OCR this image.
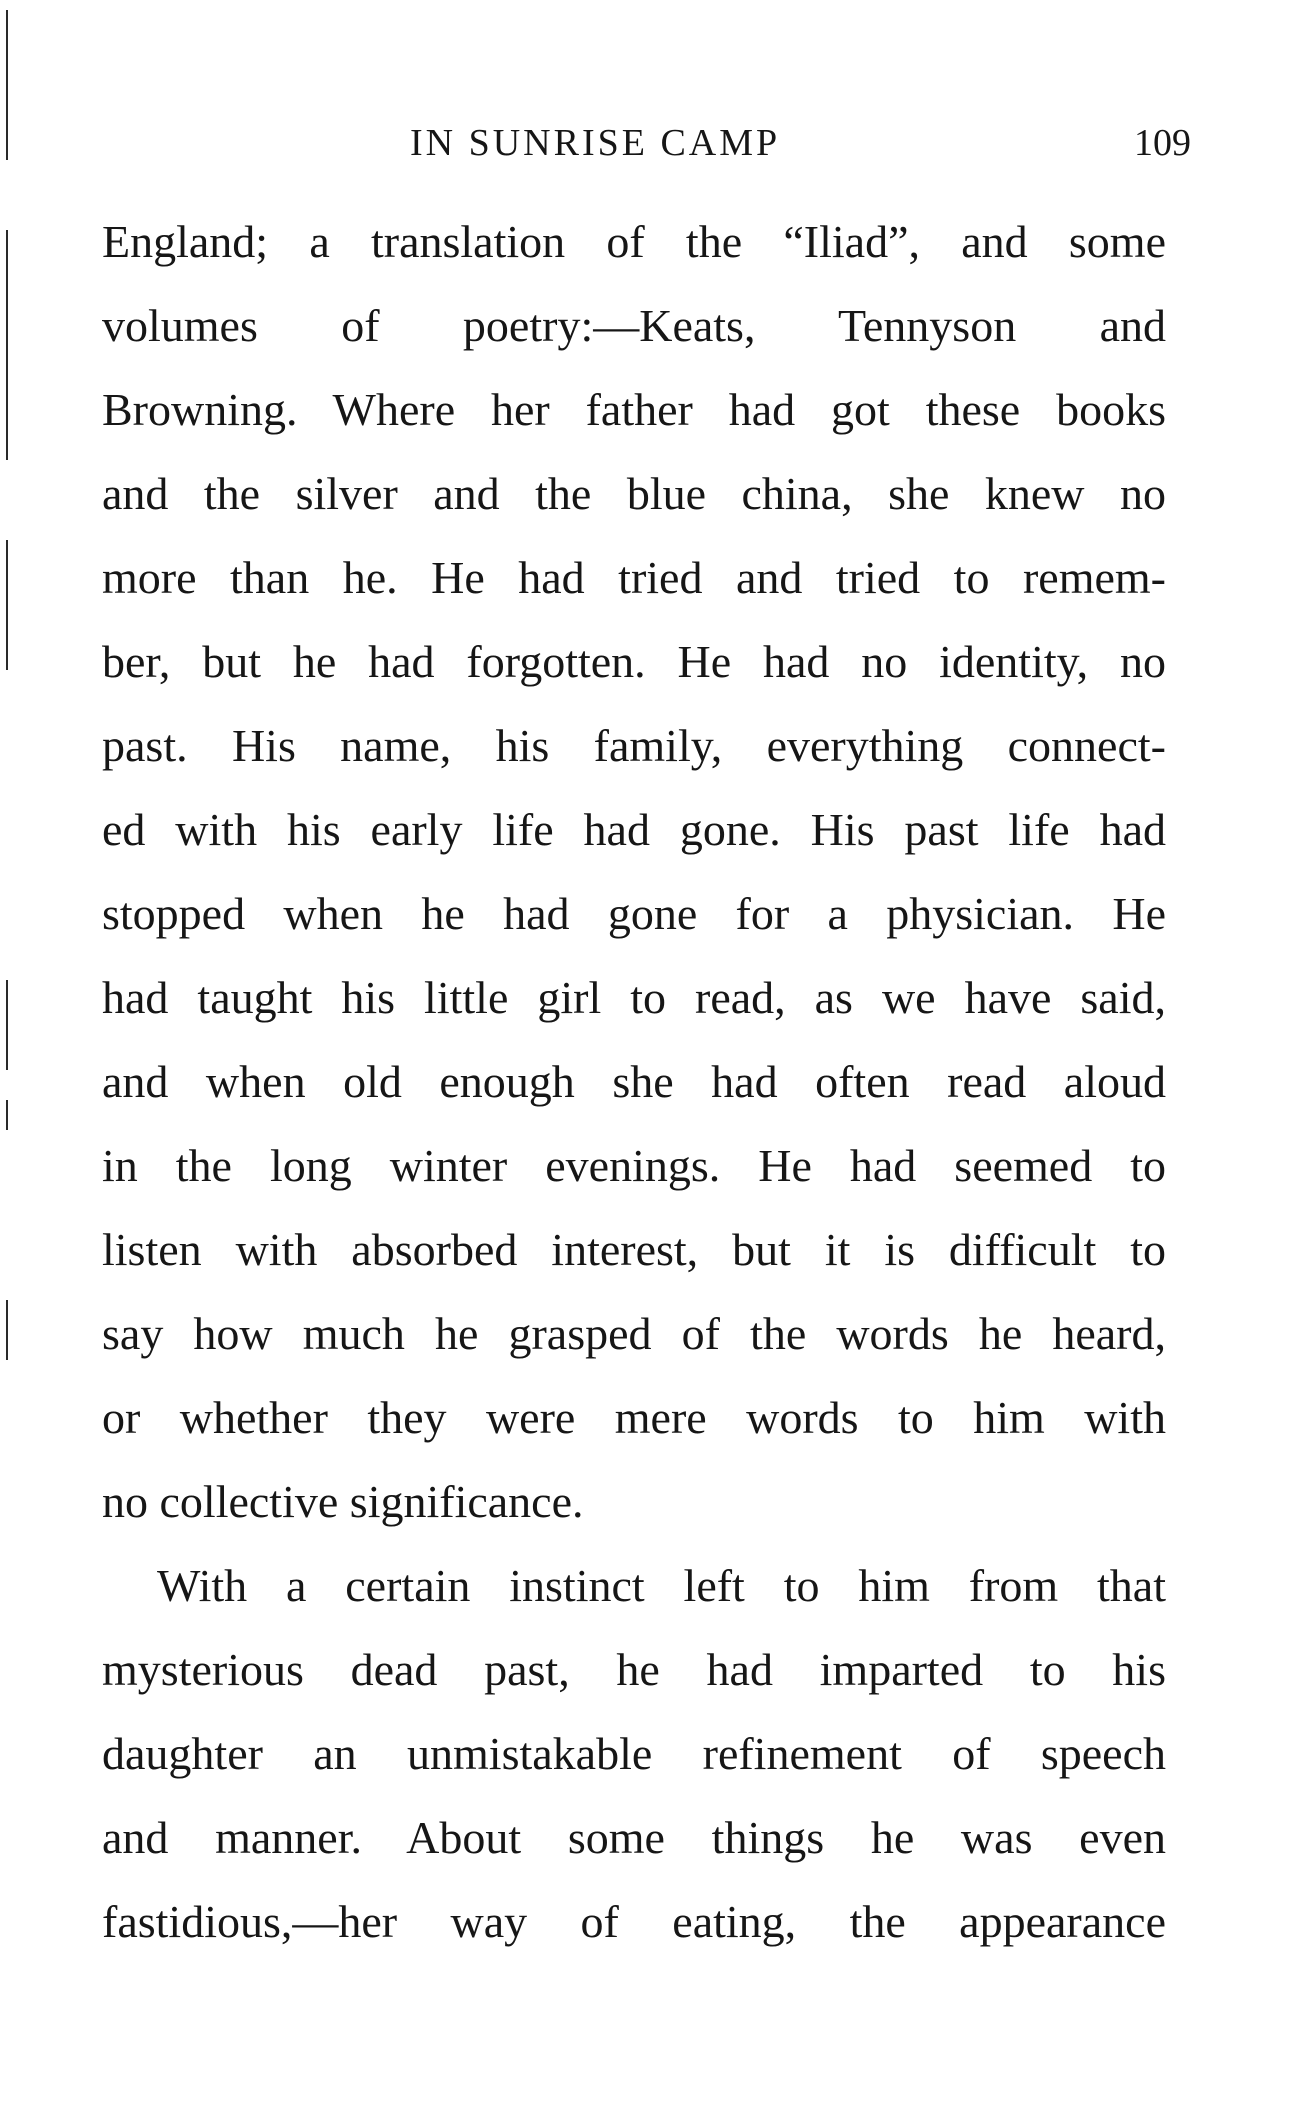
IN SUNRISE CAMP	109

England; a translation of the “Iliad”, and some
volumes of poetry:—Keats, Tennyson and
Browning. Where her father had got these books
and the silver and the blue china, she knew no
more than he. He had tried and tried to remem-
ber, but he had forgotten. He had no identity, no
past. His name, his family, everything connect-
ed with his early life had gone. His past life had
stopped when he had gone for a physician. He
had taught his little girl to read, as we have said,
and when old enough she had often read aloud
in the long winter evenings. He had seemed to
listen with absorbed interest, but it is difficult to
say how much he grasped of the words he heard,
or whether they were mere words to him with
no collective significance.

With a certain instinct left to him from that
mysterious dead past, he had imparted to his
daughter an unmistakable refinement of speech
and manner. About some things he was even
fastidious,—her way of eating, the appearance
